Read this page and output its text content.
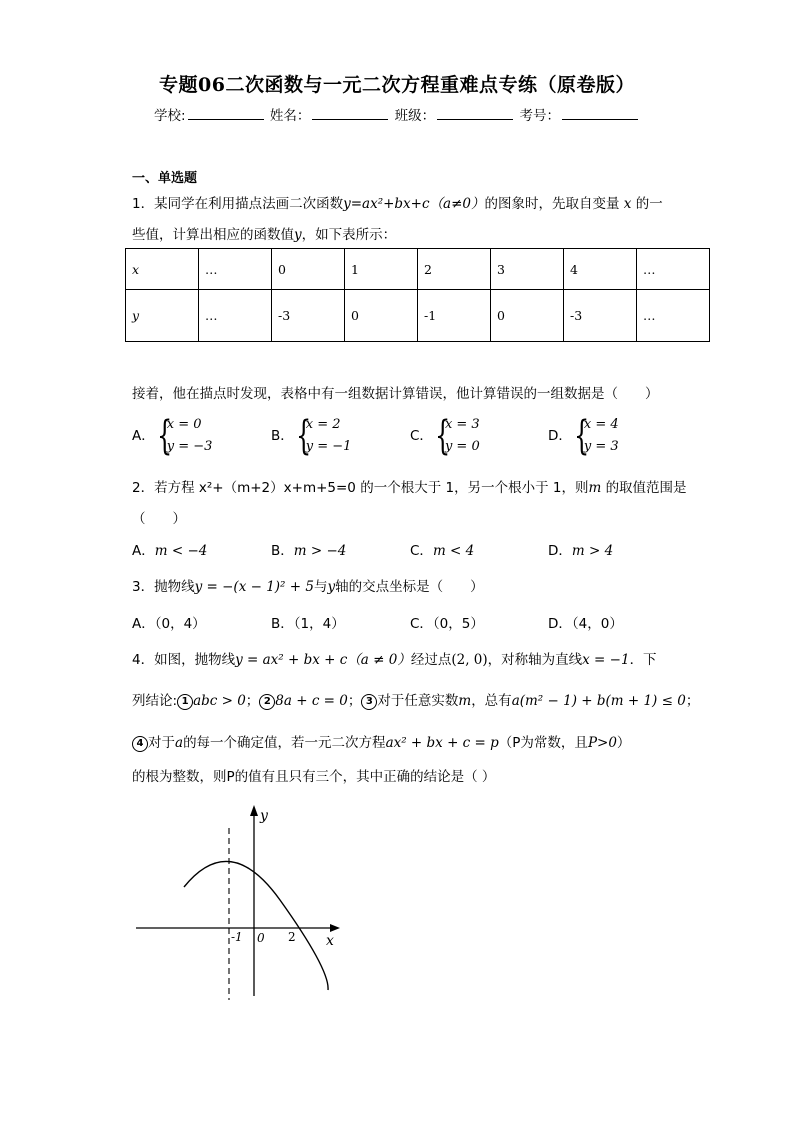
专题06二次函数与一元二次方程重难点专练（原卷版）
学校:	姓名：	班级：	考号：
一、单选题
1．某同学在利用描点法画二次函数y=ax²+bx+c（a≠0）的图象时，先取自变量 x 的一
些值，计算出相应的函数值y，如下表所示：
x	…	0	1	2	3	4	…
y	…	-3	0	-1	0	-3	…
接着，他在描点时发现，表格中有一组数据计算错误，他计算错误的一组数据是（　　）
A． {
x = 0
y = −3
B． {
x = 2
y = −1
C． {
x = 3
y = 0
D． {
x = 4
y = 3
2．若方程 x²+（m+2）x+m+5=0 的一个根大于 1，另一个根小于 1，则m 的取值范围是
（　　）
A．m < −4	B．m > −4	C．m < 4	D．m > 4
3．抛物线y = −(x − 1)² + 5与y轴的交点坐标是（　　）
A．（0，4）	B．（1，4）	C．（0，5）	D．（4，0）
4．如图，抛物线y = ax² + bx + c（a ≠ 0）经过点(2, 0)，对称轴为直线x = −1．下
列结论: 1 abc > 0； 2 8a + c = 0； 3 对于任意实数m，总有a(m² − 1) + b(m + 1) ≤ 0；
4 对于a的每一个确定值，若一元二次方程ax² + bx + c = p（P为常数，且P>0）
的根为整数，则P的值有且只有三个，其中正确的结论是（ ）
y
x
-1 0 2
